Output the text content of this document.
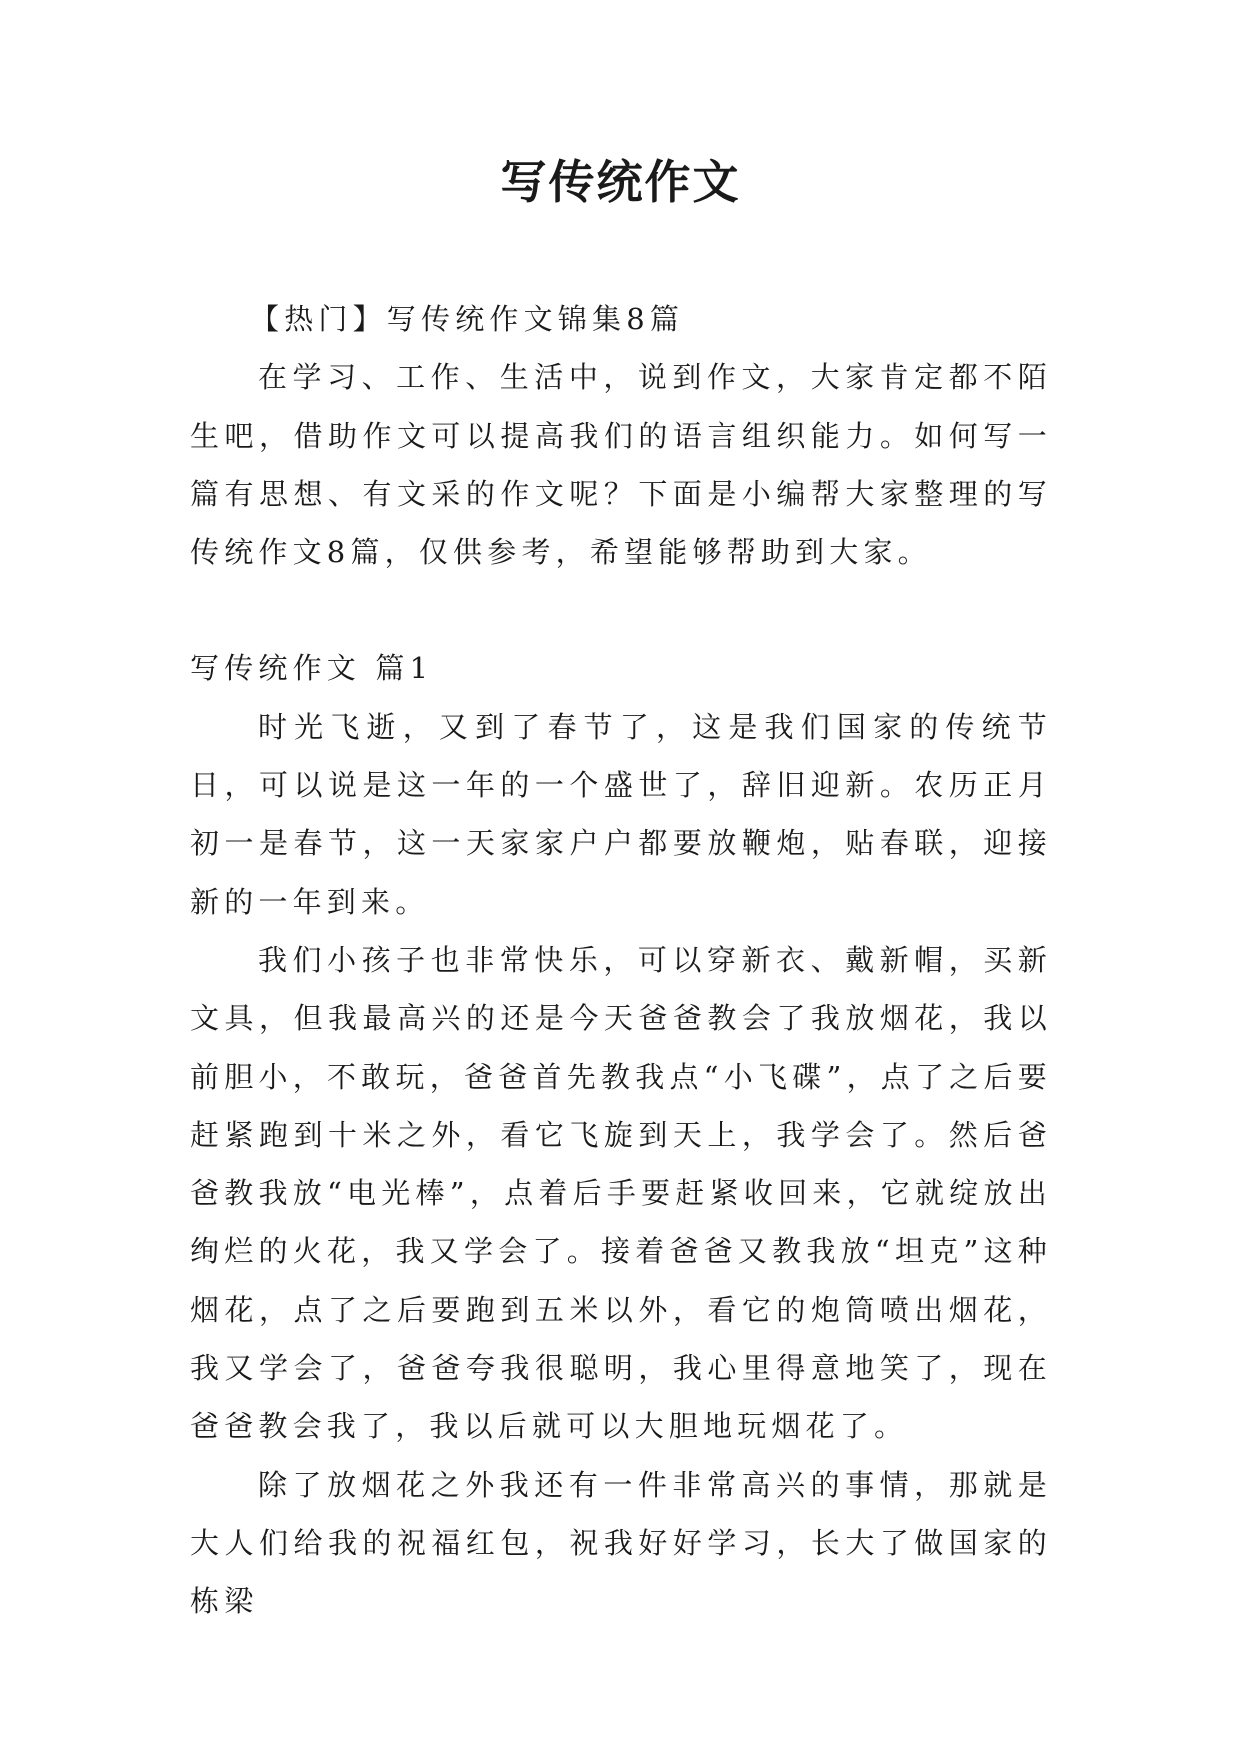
写传统作文

【热门】写传统作文锦集8篇

在学习、工作、生活中，说到作文，大家肯定都不陌生吧，借助作文可以提高我们的语言组织能力。如何写一篇有思想、有文采的作文呢？下面是小编帮大家整理的写传统作文8篇，仅供参考，希望能够帮助到大家。

写传统作文 篇1

时光飞逝，又到了春节了，这是我们国家的传统节日，可以说是这一年的一个盛世了，辞旧迎新。农历正月初一是春节，这一天家家户户都要放鞭炮，贴春联，迎接新的一年到来。

我们小孩子也非常快乐，可以穿新衣、戴新帽，买新文具，但我最高兴的还是今天爸爸教会了我放烟花，我以前胆小，不敢玩，爸爸首先教我点“小飞碟”，点了之后要赶紧跑到十米之外，看它飞旋到天上，我学会了。然后爸爸教我放“电光棒”，点着后手要赶紧收回来，它就绽放出绚烂的火花，我又学会了。接着爸爸又教我放“坦克”这种烟花，点了之后要跑到五米以外，看它的炮筒喷出烟花，我又学会了，爸爸夸我很聪明，我心里得意地笑了，现在爸爸教会我了，我以后就可以大胆地玩烟花了。

除了放烟花之外我还有一件非常高兴的事情，那就是大人们给我的祝福红包，祝我好好学习，长大了做国家的栋梁
